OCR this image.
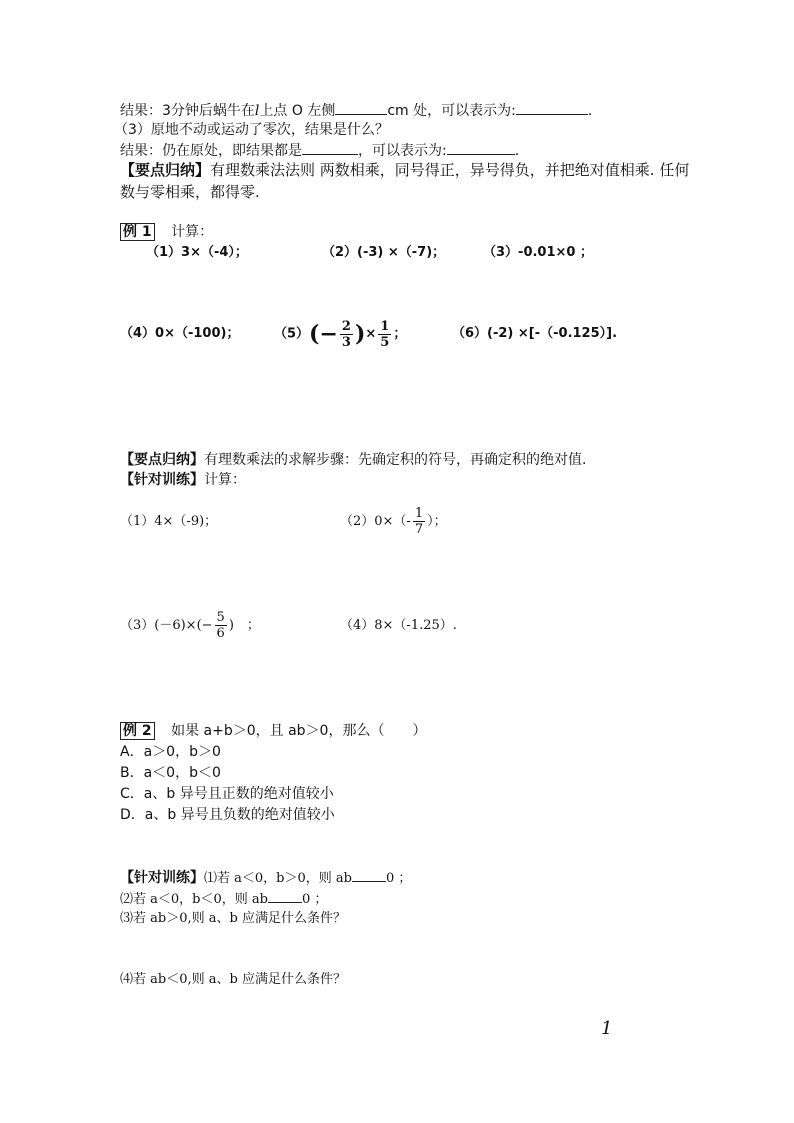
结果：3分钟后蜗牛在l上点 O 左侧	cm 处，可以表示为:	.
（3）原地不动或运动了零次，结果是什么？
结果：仍在原处，即结果都是	，可以表示为:	.
【要点归纳】有理数乘法法则 两数相乘，同号得正，异号得负，并把绝对值相乘. 任何
数与零相乘，都得零.
例 1 计算：
（1）3×（-4）；	（2）(-3) ×（-7)；	（3）-0.01×0 ；
（4）0×（-100)；	$(5)(- \frac{2}{3}$ )× $\frac{1}{5}$ ；	（6）(-2) ×[-（-0.125）].
【要点归纳】有理数乘法的求解步骤：先确定积的符号，再确定积的绝对值.
【针对训练】计算：
（1）4×（-9)；	$(2)0\times(- \frac{1}{7}$ ）；
$(3)(-6)\times(- \frac{5}{6}$ )　；	（4）8×（-1.25）.
例 2 如果 a+b＞0，且 ab＞0，那么（　　）
A．a＞0，b＞0
B．a＜0，b＜0
C．a、b 异号且正数的绝对值较小
D．a、b 异号且负数的绝对值较小
【针对训练】⑴若 a＜0，b＞0，则 ab	0 ；
⑵若 a＜0，b＜0，则 ab	0 ；
⑶若 ab＞0,则 a、b 应满足什么条件？
⑷若 ab＜0,则 a、b 应满足什么条件？
1
